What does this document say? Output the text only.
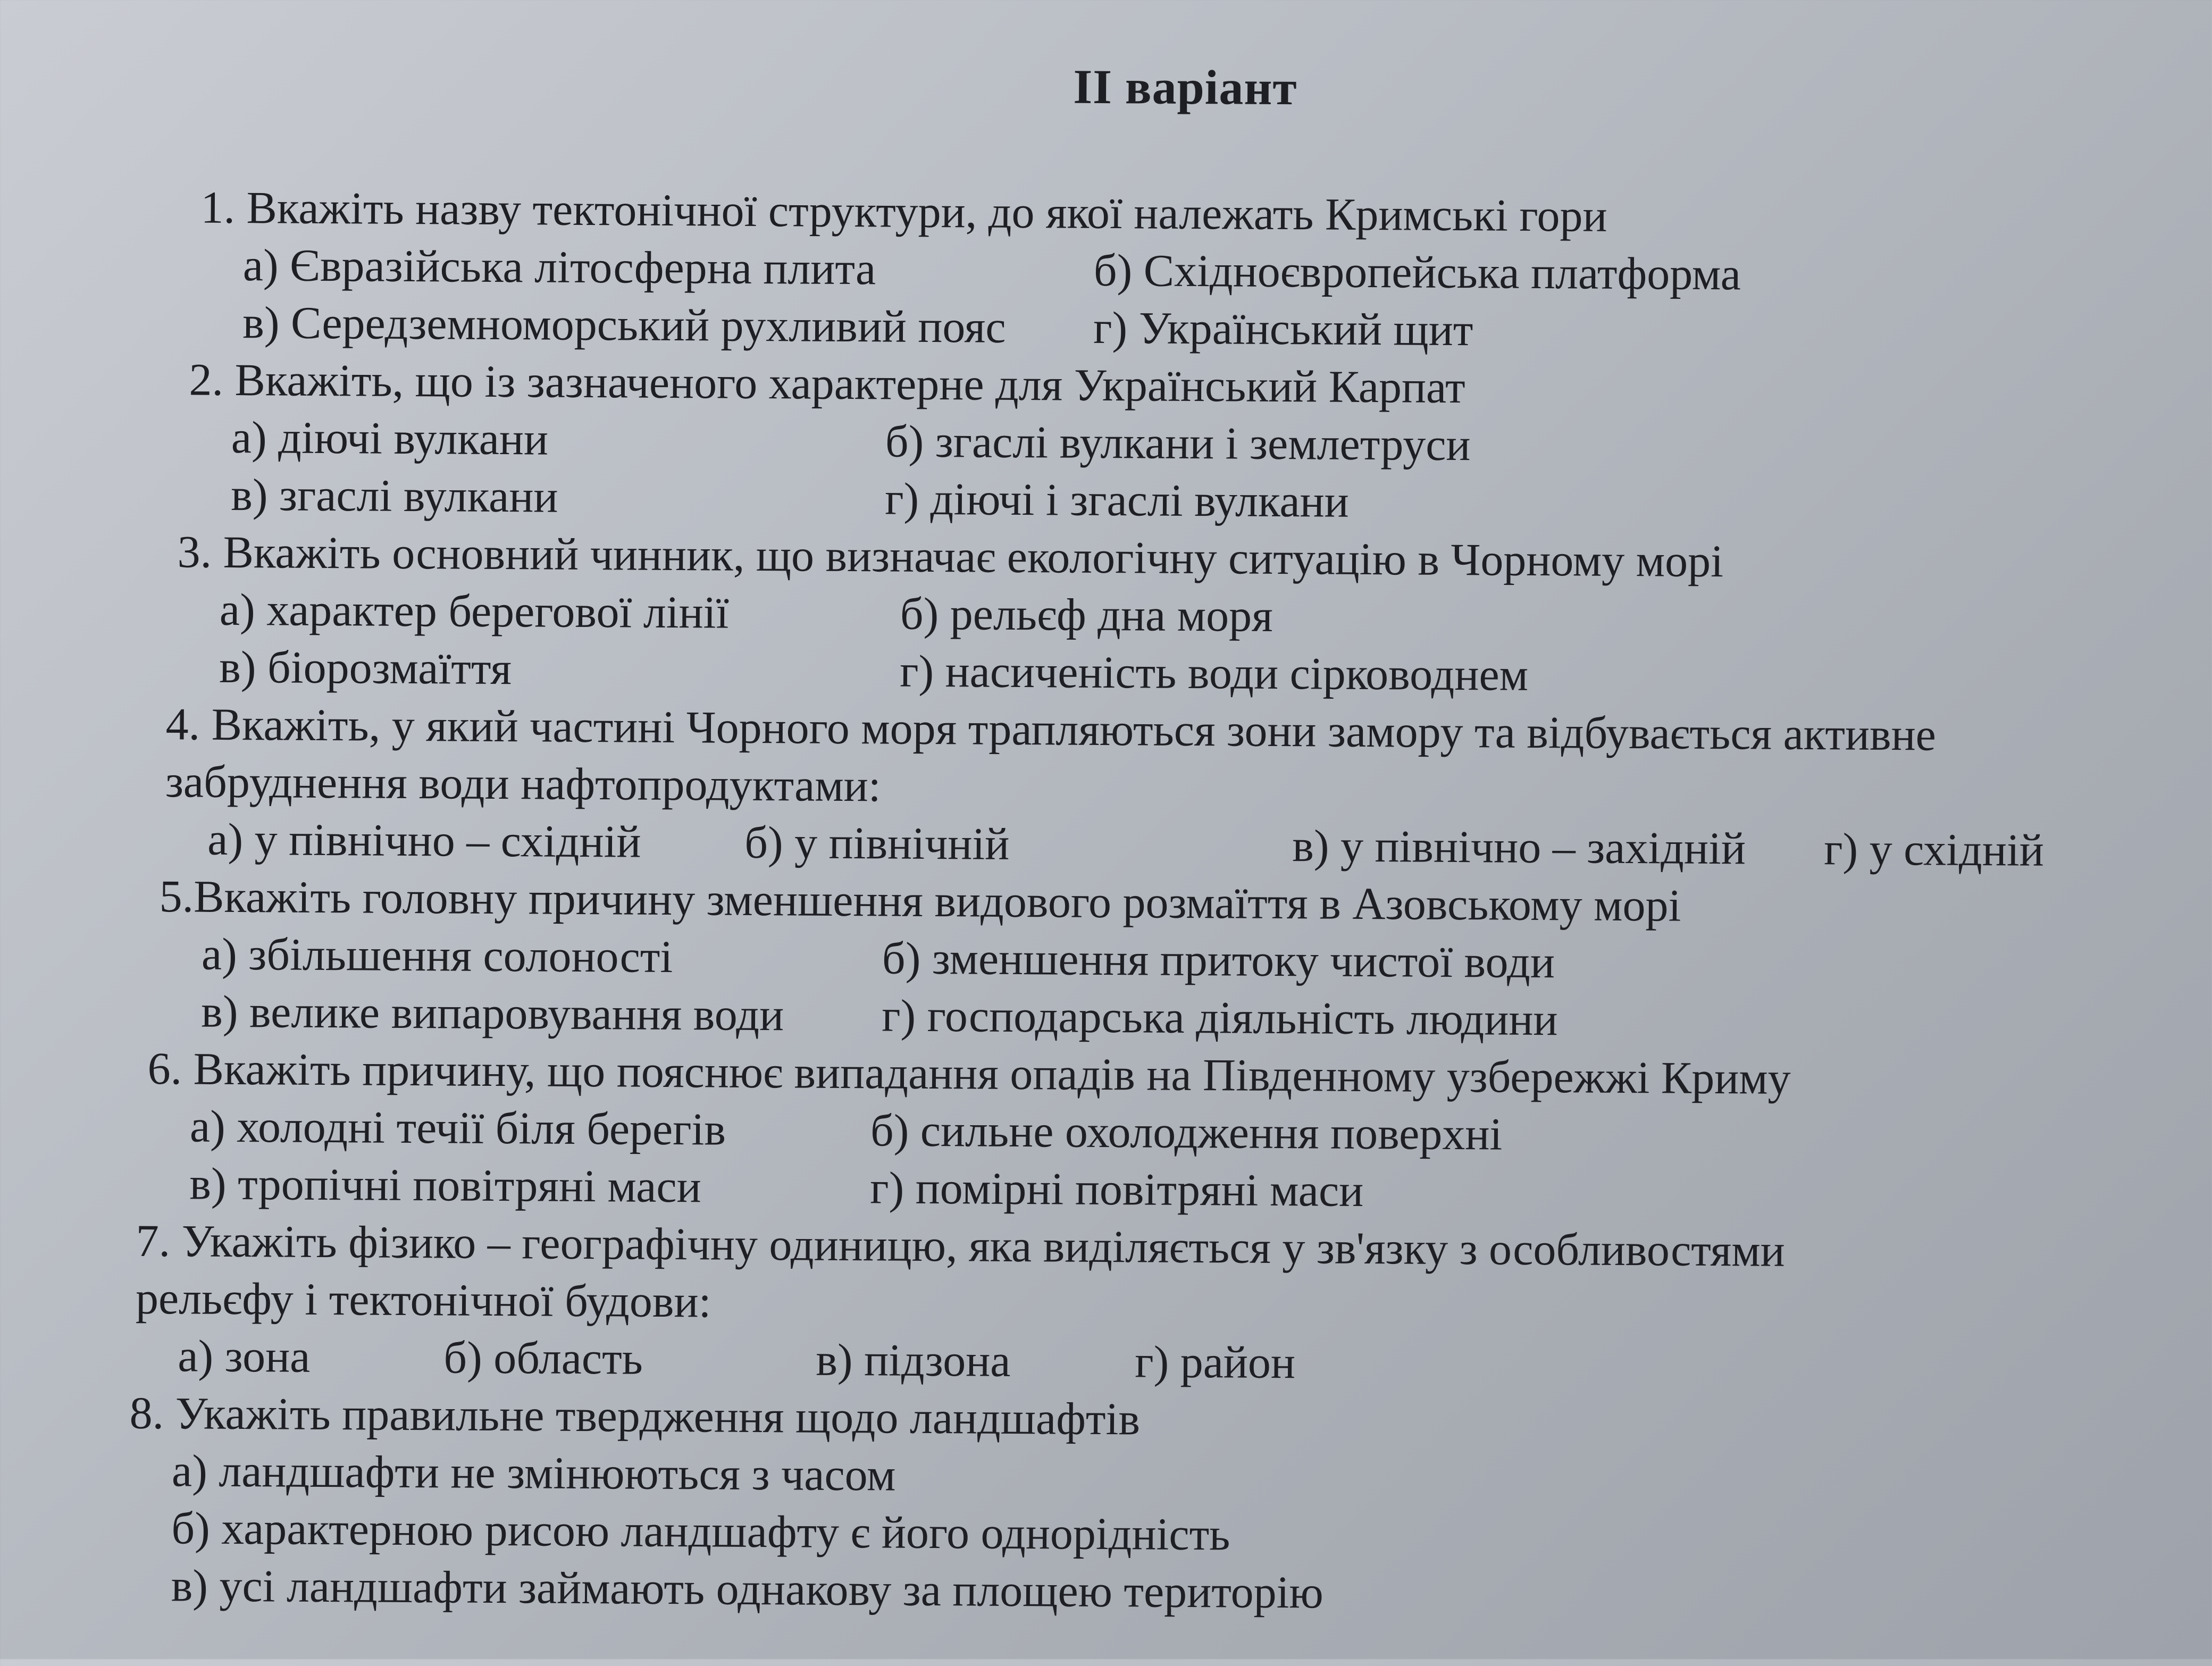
II варіант

1. Вкажіть назву тектонічної структури, до якої належать Кримські гори

а) Євразійська літосферна плита	б) Східноєвропейська платформа
в) Середземноморський рухливий пояс	г) Український щит

2. Вкажіть, що із зазначеного характерне для Український Карпат

а) діючі вулкани	б) згаслі вулкани і землетруси
в) згаслі вулкани	г) діючі і згаслі вулкани

3. Вкажіть основний чинник, що визначає екологічну ситуацію в Чорному морі

а) характер берегової лінії	б) рельєф дна моря
в) біорозмаїття	г) насиченість води сірководнем

4. Вкажіть, у який частині Чорного моря трапляються зони замору та відбувається активне

забруднення води нафтопродуктами:

а) у північно – східній	б) у північній	в) у північно – західній	г) у східній

5.Вкажіть головну причину зменшення видового розмаїття в Азовському морі

а) збільшення солоності	б) зменшення притоку чистої води
в) велике випаровування води	г) господарська діяльність людини

6. Вкажіть причину, що пояснює випадання опадів на Південному узбережжі Криму

а) холодні течії біля берегів	б) сильне охолодження поверхні
в) тропічні повітряні маси	г) помірні повітряні маси

7. Укажіть фізико – географічну одиницю, яка виділяється у зв'язку з особливостями

рельєфу і тектонічної будови:

а) зона	б) область	в) підзона	г) район

8. Укажіть правильне твердження щодо ландшафтів

а) ландшафти не змінюються з часом
б) характерною рисою ландшафту є його однорідність
в) усі ландшафти займають однакову за площею територію
